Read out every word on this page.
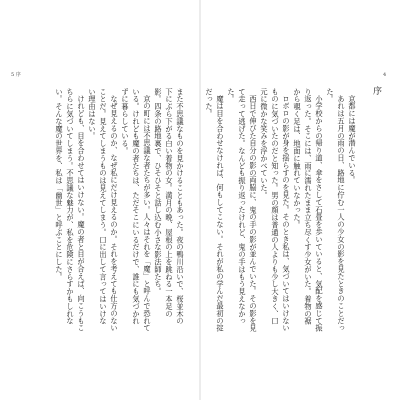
5 序	4
序

京都には魔が潜んでいる。

あれは五月の雨の日、路地に佇む一人の少女の影を見たときのことだった。

小学校からの帰り道、傘をさして石畳を歩いていると、気配を感じて振り返った。そこには、雨に濡れたまま立ち尽くす少女がいた。着物の裾から覗く足は、地面に触れていなかった。

ロボロの影が身を揺らすのを見た。そのとき私は、気づいてはいけないものに気づいたのだと知った。男の顔は普通の人よりも少し大きく、口元に微かな笑みを浮かべていた。

西日で伸びた自分の影の両脇に、鬼の手の影が並んでいた。その影を見て走って逃げた。なんども振り返ったけれど、鬼の手はもう見えなかった。

魔は目を合わせなければ、何もしてこない。それが私の学んだ最初の掟だった。

また不思議なものを見かけることもあった。夜の鴨川沿いで、桜並木の下にぶら下がる白い着物の女。満月の晩、屋根の上を跳ねる一本足の影。四条の路地裏で、ひそひそと話し込む小さな影法師たち。

京の町には不思議な者たちが多い。人々はそれを「魔」と呼んで恐れている。けれども魔の者たちは、ただそこにいるだけで、誰にも気づかれずに暮らしている。

なぜ見えるのか、なぜ私にだけ見えるのか。それを考えても仕方のないことだ。見えてしまうものは見えてしまう。口に出して言ってはいけない理由はない。

けれども、目を合わせてはいけない。魔の者と目が合えば、向こうもこちらに気づいてしまう。不思議な魅力が、私を危険にさらすかもしれない。そんな魔の世界を、私は「幽世」と呼ぶことにした。
